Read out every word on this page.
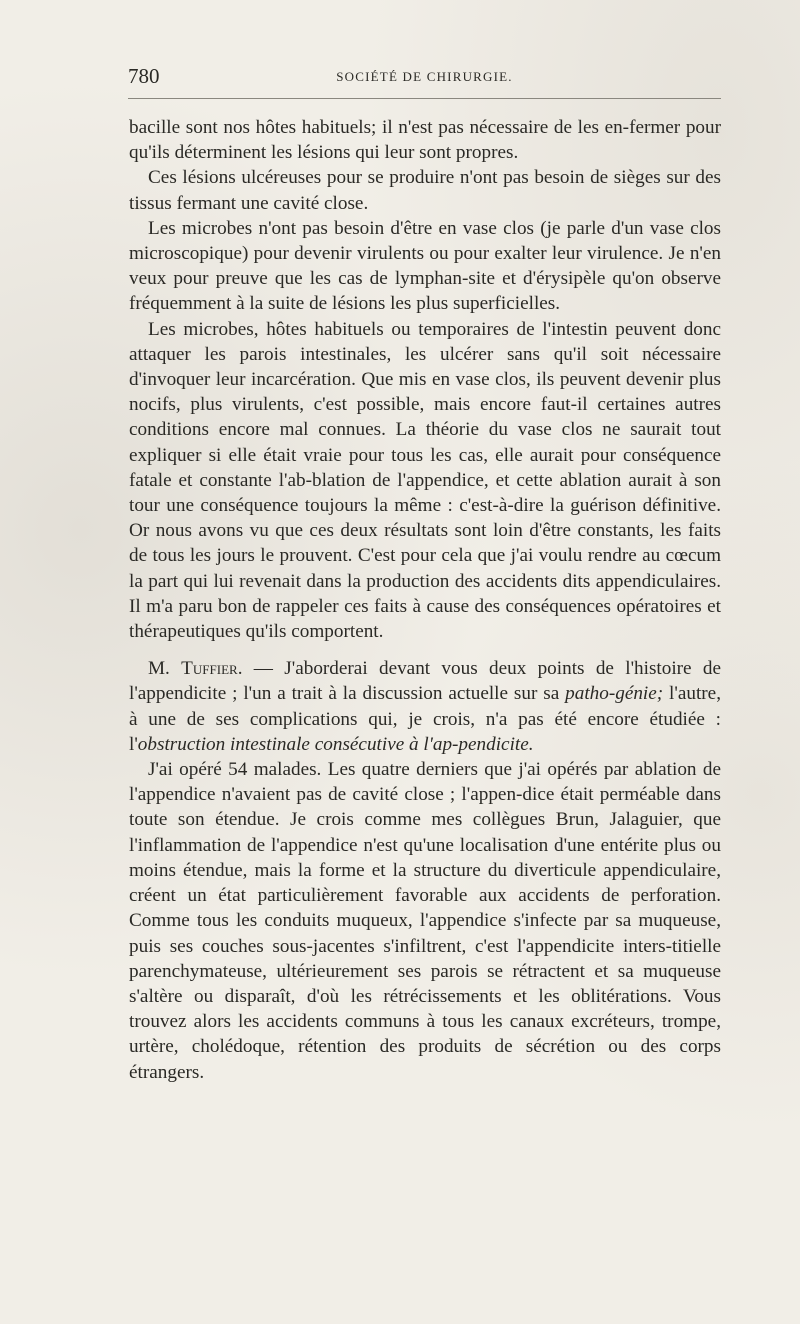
780	SOCIÉTÉ DE CHIRURGIE.

bacille sont nos hôtes habituels; il n'est pas nécessaire de les en-fermer pour qu'ils déterminent les lésions qui leur sont propres.

Ces lésions ulcéreuses pour se produire n'ont pas besoin de sièges sur des tissus fermant une cavité close.

Les microbes n'ont pas besoin d'être en vase clos (je parle d'un vase clos microscopique) pour devenir virulents ou pour exalter leur virulence. Je n'en veux pour preuve que les cas de lymphan-site et d'érysipèle qu'on observe fréquemment à la suite de lésions les plus superficielles.

Les microbes, hôtes habituels ou temporaires de l'intestin peuvent donc attaquer les parois intestinales, les ulcérer sans qu'il soit nécessaire d'invoquer leur incarcération. Que mis en vase clos, ils peuvent devenir plus nocifs, plus virulents, c'est possible, mais encore faut-il certaines autres conditions encore mal connues. La théorie du vase clos ne saurait tout expliquer si elle était vraie pour tous les cas, elle aurait pour conséquence fatale et constante l'ab-blation de l'appendice, et cette ablation aurait à son tour une conséquence toujours la même : c'est-à-dire la guérison définitive. Or nous avons vu que ces deux résultats sont loin d'être constants, les faits de tous les jours le prouvent. C'est pour cela que j'ai voulu rendre au cœcum la part qui lui revenait dans la production des accidents dits appendiculaires. Il m'a paru bon de rappeler ces faits à cause des conséquences opératoires et thérapeutiques qu'ils comportent.

M. Tuffier. — J'aborderai devant vous deux points de l'histoire de l'appendicite ; l'un a trait à la discussion actuelle sur sa patho-génie; l'autre, à une de ses complications qui, je crois, n'a pas été encore étudiée : l'obstruction intestinale consécutive à l'ap-pendicite.

J'ai opéré 54 malades. Les quatre derniers que j'ai opérés par ablation de l'appendice n'avaient pas de cavité close ; l'appen-dice était perméable dans toute son étendue. Je crois comme mes collègues Brun, Jalaguier, que l'inflammation de l'appendice n'est qu'une localisation d'une entérite plus ou moins étendue, mais la forme et la structure du diverticule appendiculaire, créent un état particulièrement favorable aux accidents de perforation. Comme tous les conduits muqueux, l'appendice s'infecte par sa muqueuse, puis ses couches sous-jacentes s'infiltrent, c'est l'appendicite inters-titielle parenchymateuse, ultérieurement ses parois se rétractent et sa muqueuse s'altère ou disparaît, d'où les rétrécissements et les oblitérations. Vous trouvez alors les accidents communs à tous les canaux excréteurs, trompe, urtère, cholédoque, rétention des produits de sécrétion ou des corps étrangers.
